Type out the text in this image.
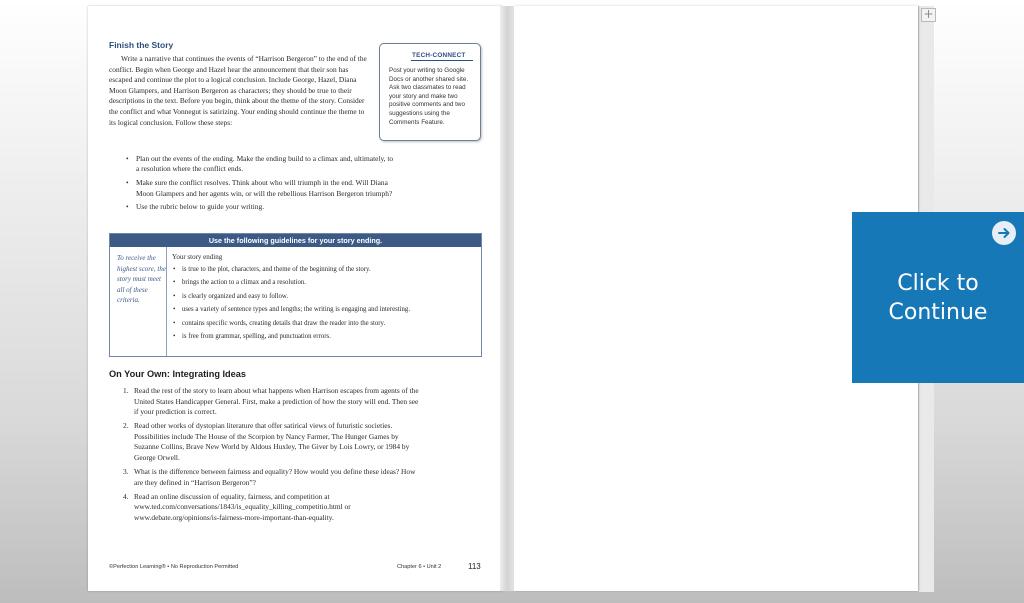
+
Finish the Story

Write a narrative that continues the events of “Harrison Bergeron” to the end of the conflict. Begin when George and Hazel hear the announcement that their son has escaped and continue the plot to a logical conclusion. Include George, Hazel, Diana Moon Glampers, and Harrison Bergeron as characters; they should be true to their descriptions in the text. Before you begin, think about the theme of the story. Consider the conflict and what Vonnegut is satirizing. Your ending should continue the theme to its logical conclusion. Follow these steps:

• Plan out the events of the ending. Make the ending build to a climax and, ultimately, to a resolution where the conflict ends.
• Make sure the conflict resolves. Think about who will triumph in the end. Will Diana Moon Glampers and her agents win, or will the rebellious Harrison Bergeron triumph?
• Use the rubric below to guide your writing.
TECH-CONNECT
Post your writing to Google Docs or another shared site. Ask two classmates to read your story and make two positive comments and two suggestions using the Comments Feature.
Use the following guidelines for your story ending.
To receive the highest score, the story must meet all of these criteria.
Your story ending
• is true to the plot, characters, and theme of the beginning of the story.
• brings the action to a climax and a resolution.
• is clearly organized and easy to follow.
• uses a variety of sentence types and lengths; the writing is engaging and interesting.
• contains specific words, creating details that draw the reader into the story.
• is free from grammar, spelling, and punctuation errors.
On Your Own: Integrating Ideas
1. Read the rest of the story to learn about what happens when Harrison escapes from agents of the United States Handicapper General. First, make a prediction of how the story will end. Then see if your prediction is correct.
2. Read other works of dystopian literature that offer satirical views of futuristic societies. Possibilities include The House of the Scorpion by Nancy Farmer, The Hunger Games by Suzanne Collins, Brave New World by Aldous Huxley, The Giver by Lois Lowry, or 1984 by George Orwell.
3. What is the difference between fairness and equality? How would you define these ideas? How are they defined in “Harrison Bergeron”?
4. Read an online discussion of equality, fairness, and competition at www.ted.com/conversations/1843/is_equality_killing_competitio.html or www.debate.org/opinions/is-fairness-more-important-than-equality.
©Perfection Learning® • No Reproduction Permitted	Chapter 6 • Unit 2	113
Click to Continue
